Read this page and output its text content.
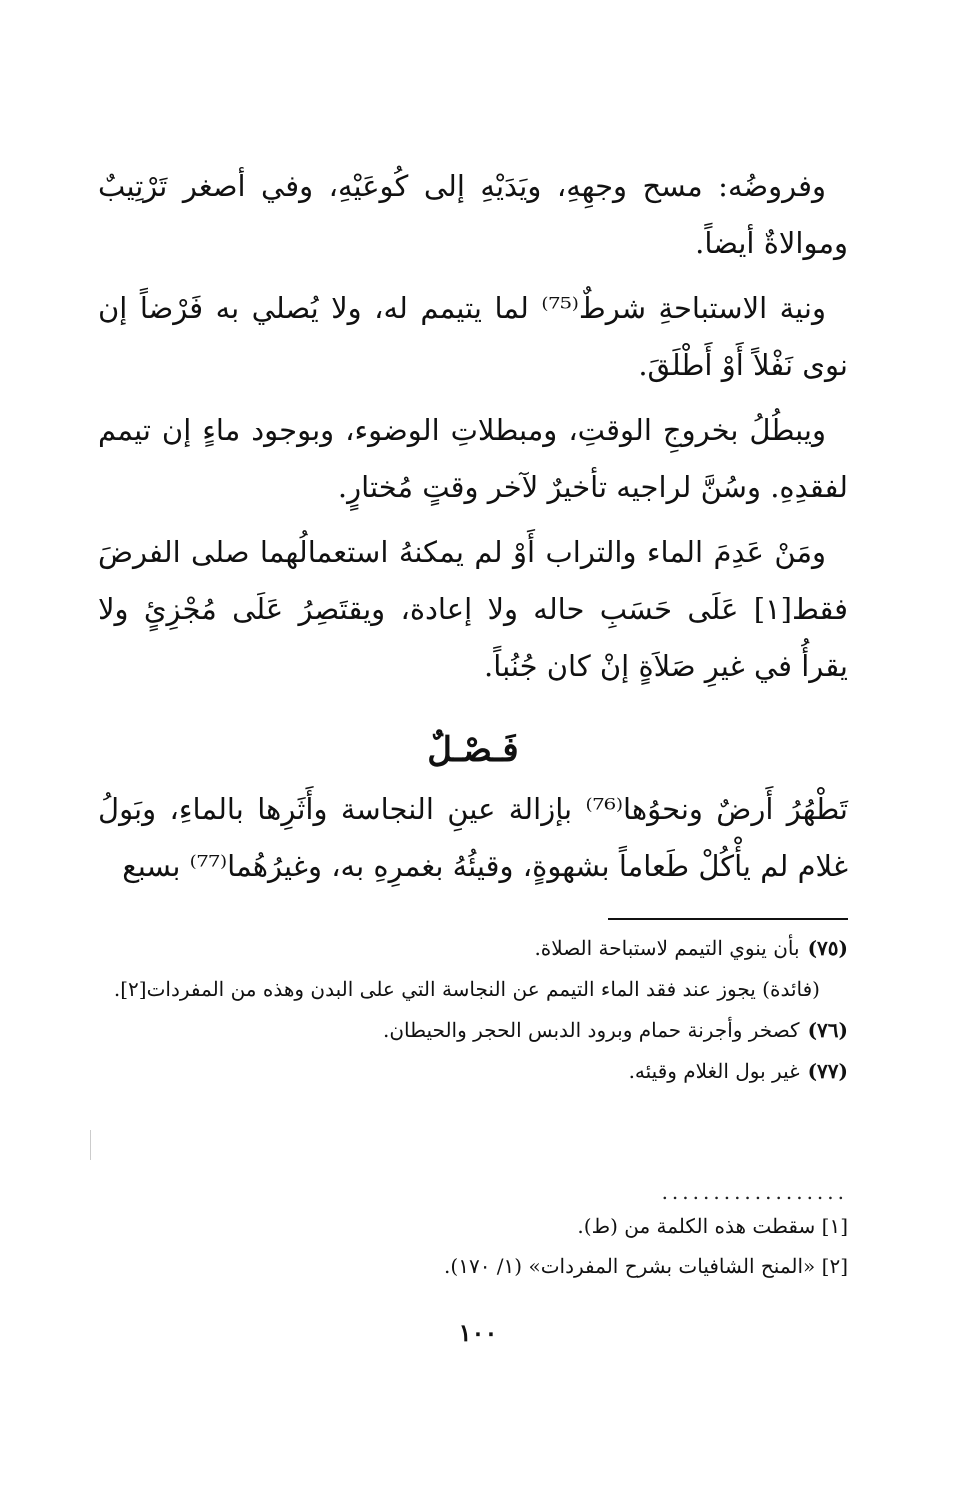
وفروضُه: مسح وجهِهِ، ويَدَيْهِ إلى كُوعَيْهِ، وفي أصغر تَرْتِيبٌ وموالاةٌ أيضاً.

ونية الاستباحةِ شرطٌ⁽⁷⁵⁾ لما يتيمم له، ولا يُصلي به فَرْضاً إن نوى نَفْلاً أَوْ أَطْلَقَ.

ويبطُلُ بخروجِ الوقتِ، ومبطلاتِ الوضوء، وبوجود ماءٍ إن تيمم لفقدِهِ. وسُنَّ لراجيه تأخيرٌ لآخر وقتٍ مُختارٍ.

ومَنْ عَدِمَ الماء والتراب أَوْ لم يمكنهُ استعمالُهما صلى الفرضَ فقط[١] عَلَى حَسَبِ حاله ولا إعادة، ويقتَصِرُ عَلَى مُجْزِئٍ ولا يقرأُ في غيرِ صَلاَةٍ إنْ كان جُنُباً.

فَـصْـلٌ

تَطْهُرُ أَرضٌ ونحوُها⁽⁷⁶⁾ بإزالة عينِ النجاسة وأَثَرِها بالماءِ، وبَولُ غلام لم يأْكُلْ طَعاماً بشهوةٍ، وقيئُهُ بغمرِهِ به، وغيرُهُما⁽⁷⁷⁾ بسبع

(٧٥)بأن ينوي التيمم لاستباحة الصلاة.

(فائدة) يجوز عند فقد الماء التيمم عن النجاسة التي على البدن وهذه من المفردات[٢].

(٧٦)كصخر وأجرنة حمام وبرود الدبس الحجر والحيطان.

(٧٧)غير بول الغلام وقيئه.

..................

[١] سقطت هذه الكلمة من (ط).

[٢] «المنح الشافيات بشرح المفردات» (١/ ١٧٠).

١٠٠
